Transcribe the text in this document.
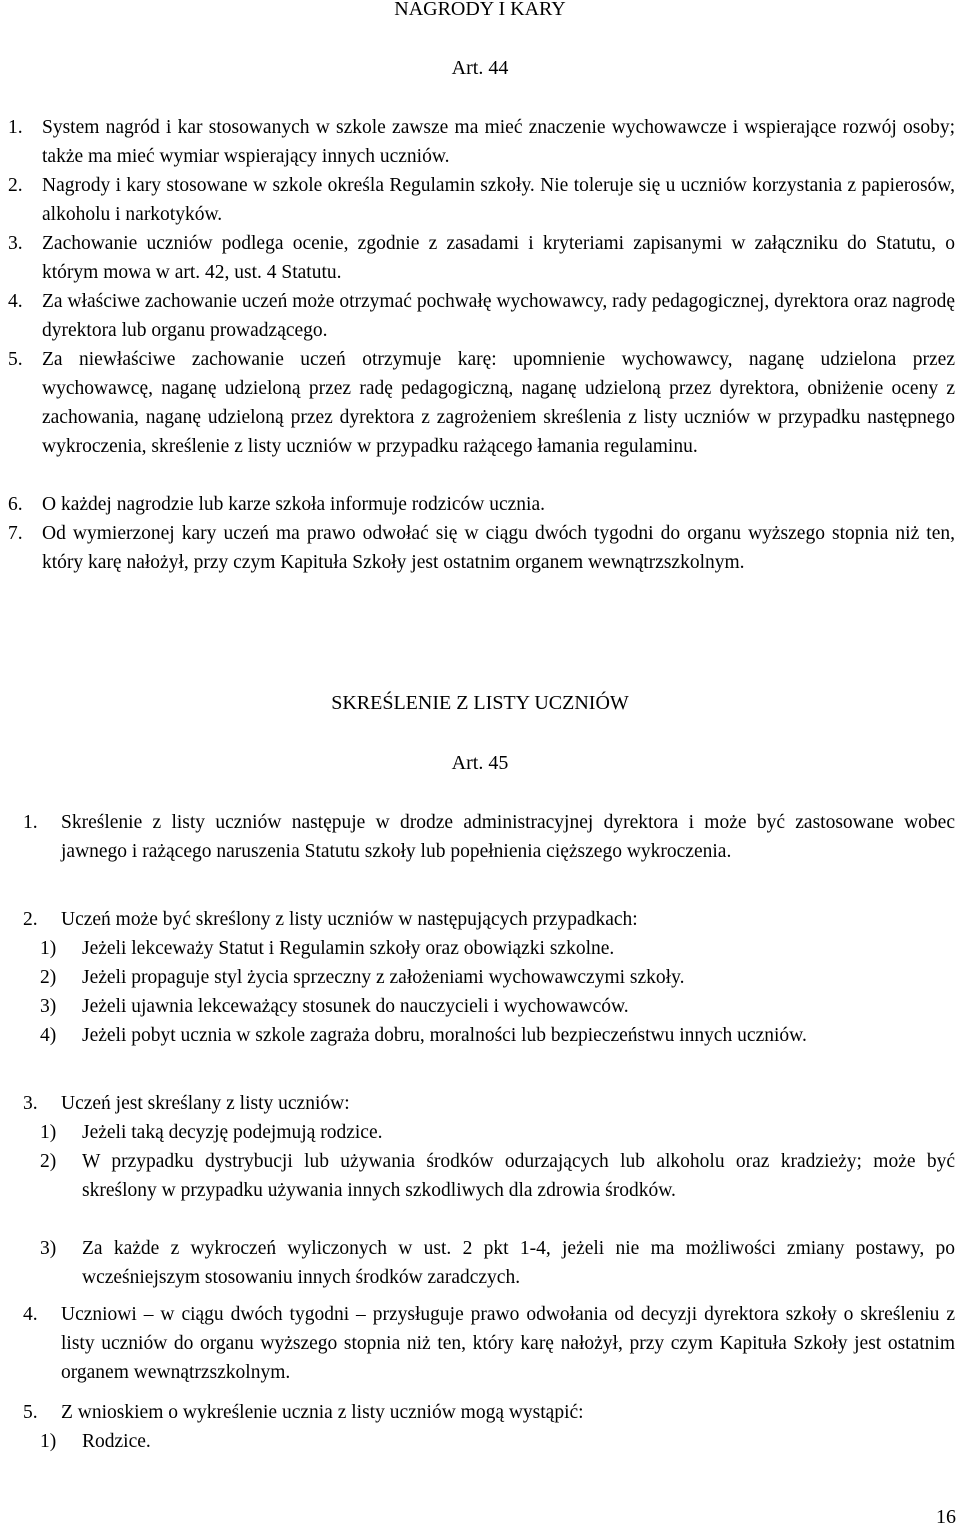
NAGRODY I KARY
Art. 44
1. System nagród i kar stosowanych w szkole zawsze ma mieć znaczenie wychowawcze i wspierające rozwój osoby; także ma mieć wymiar wspierający innych uczniów.
2. Nagrody i kary stosowane w szkole określa Regulamin szkoły. Nie toleruje się u uczniów korzystania z papierosów, alkoholu i narkotyków.
3. Zachowanie uczniów podlega ocenie, zgodnie z zasadami i kryteriami zapisanymi w załączniku do Statutu, o którym mowa w art. 42, ust. 4 Statutu.
4. Za właściwe zachowanie uczeń może otrzymać pochwałę wychowawcy, rady pedagogicznej, dyrektora oraz nagrodę dyrektora lub organu prowadzącego.
5. Za niewłaściwe zachowanie uczeń otrzymuje karę: upomnienie wychowawcy, naganę udzielona przez wychowawcę, naganę udzieloną przez radę pedagogiczną, naganę udzieloną przez dyrektora, obniżenie oceny z zachowania, naganę udzieloną przez dyrektora z zagrożeniem skreślenia z listy uczniów w przypadku następnego wykroczenia, skreślenie z listy uczniów w przypadku rażącego łamania regulaminu.
6. O każdej nagrodzie lub karze szkoła informuje rodziców ucznia.
7. Od wymierzonej kary uczeń ma prawo odwołać się w ciągu dwóch tygodni do organu wyższego stopnia niż ten, który karę nałożył, przy czym Kapituła Szkoły jest ostatnim organem wewnątrzszkolnym.
SKREŚLENIE Z LISTY UCZNIÓW
Art. 45
1. Skreślenie z listy uczniów następuje w drodze administracyjnej dyrektora i może być zastosowane wobec jawnego i rażącego naruszenia Statutu szkoły lub popełnienia cięższego wykroczenia.
2. Uczeń może być skreślony z listy uczniów w następujących przypadkach:
1) Jeżeli lekceważy Statut i Regulamin szkoły oraz obowiązki szkolne.
2) Jeżeli propaguje styl życia sprzeczny z założeniami wychowawczymi szkoły.
3) Jeżeli ujawnia lekceważący stosunek do nauczycieli i wychowawców.
4) Jeżeli pobyt ucznia w szkole zagraża dobru, moralności lub bezpieczeństwu innych uczniów.
3. Uczeń jest skreślany z listy uczniów:
1) Jeżeli taką decyzję podejmują rodzice.
2) W przypadku dystrybucji lub używania środków odurzających lub alkoholu oraz kradzieży; może być skreślony w przypadku używania innych szkodliwych dla zdrowia środków.
3) Za każde z wykroczeń wyliczonych w ust. 2 pkt 1-4, jeżeli nie ma możliwości zmiany postawy, po wcześniejszym stosowaniu innych środków zaradczych.
4. Uczniowi – w ciągu dwóch tygodni – przysługuje prawo odwołania od decyzji dyrektora szkoły o skreśleniu z listy uczniów do organu wyższego stopnia niż ten, który karę nałożył, przy czym Kapituła Szkoły jest ostatnim organem wewnątrzszkolnym.
5. Z wnioskiem o wykreślenie ucznia z listy uczniów mogą wystąpić:
1) Rodzice.
16
